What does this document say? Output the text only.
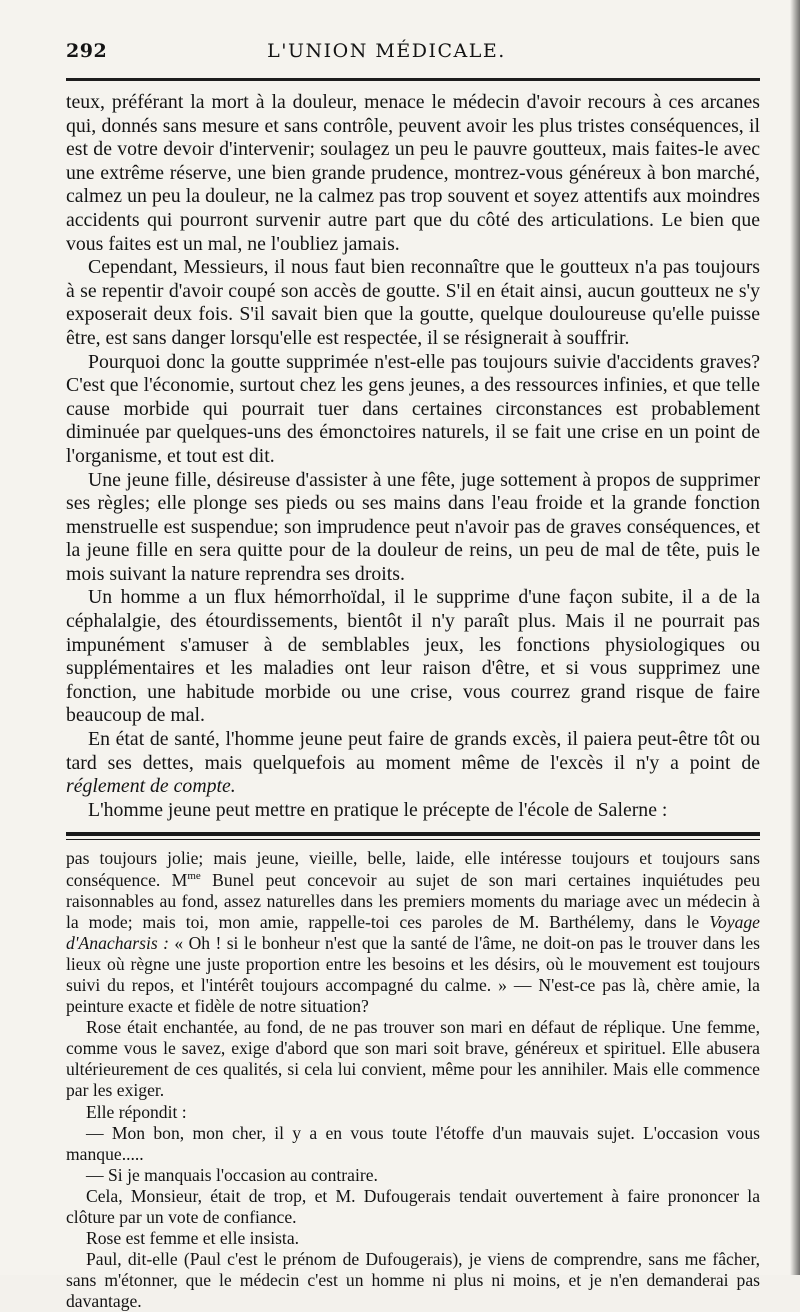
292	L'UNION MÉDICALE.

teux, préférant la mort à la douleur, menace le médecin d'avoir recours à ces arcanes qui, donnés sans mesure et sans contrôle, peuvent avoir les plus tristes conséquences, il est de votre devoir d'intervenir; soulagez un peu le pauvre goutteux, mais faites-le avec une extrême réserve, une bien grande prudence, montrez-vous généreux à bon marché, calmez un peu la douleur, ne la calmez pas trop souvent et soyez attentifs aux moindres accidents qui pourront survenir autre part que du côté des articulations. Le bien que vous faites est un mal, ne l'oubliez jamais.

Cependant, Messieurs, il nous faut bien reconnaître que le goutteux n'a pas toujours à se repentir d'avoir coupé son accès de goutte. S'il en était ainsi, aucun goutteux ne s'y exposerait deux fois. S'il savait bien que la goutte, quelque douloureuse qu'elle puisse être, est sans danger lorsqu'elle est respectée, il se résignerait à souffrir.

Pourquoi donc la goutte supprimée n'est-elle pas toujours suivie d'accidents graves? C'est que l'économie, surtout chez les gens jeunes, a des ressources infinies, et que telle cause morbide qui pourrait tuer dans certaines circonstances est probablement diminuée par quelques-uns des émonctoires naturels, il se fait une crise en un point de l'organisme, et tout est dit.

Une jeune fille, désireuse d'assister à une fête, juge sottement à propos de supprimer ses règles; elle plonge ses pieds ou ses mains dans l'eau froide et la grande fonction menstruelle est suspendue; son imprudence peut n'avoir pas de graves conséquences, et la jeune fille en sera quitte pour de la douleur de reins, un peu de mal de tête, puis le mois suivant la nature reprendra ses droits.

Un homme a un flux hémorrhoïdal, il le supprime d'une façon subite, il a de la céphalalgie, des étourdissements, bientôt il n'y paraît plus. Mais il ne pourrait pas impunément s'amuser à de semblables jeux, les fonctions physiologiques ou supplémentaires et les maladies ont leur raison d'être, et si vous supprimez une fonction, une habitude morbide ou une crise, vous courrez grand risque de faire beaucoup de mal.

En état de santé, l'homme jeune peut faire de grands excès, il paiera peut-être tôt ou tard ses dettes, mais quelquefois au moment même de l'excès il n'y a point de réglement de compte.

L'homme jeune peut mettre en pratique le précepte de l'école de Salerne :

pas toujours jolie; mais jeune, vieille, belle, laide, elle intéresse toujours et toujours sans conséquence. $M^{me}$ Bunel peut concevoir au sujet de son mari certaines inquiétudes peu raisonnables au fond, assez naturelles dans les premiers moments du mariage avec un médecin à la mode; mais toi, mon amie, rappelle-toi ces paroles de M. Barthélemy, dans le Voyage d'Anacharsis : « Oh ! si le bonheur n'est que la santé de l'âme, ne doit-on pas le trouver dans les lieux où règne une juste proportion entre les besoins et les désirs, où le mouvement est toujours suivi du repos, et l'intérêt toujours accompagné du calme. » — N'est-ce pas là, chère amie, la peinture exacte et fidèle de notre situation?

Rose était enchantée, au fond, de ne pas trouver son mari en défaut de réplique. Une femme, comme vous le savez, exige d'abord que son mari soit brave, généreux et spirituel. Elle abusera ultérieurement de ces qualités, si cela lui convient, même pour les annihiler. Mais elle commence par les exiger.

Elle répondit :

— Mon bon, mon cher, il y a en vous toute l'étoffe d'un mauvais sujet. L'occasion vous manque.....

— Si je manquais l'occasion au contraire.

Cela, Monsieur, était de trop, et M. Dufougerais tendait ouvertement à faire prononcer la clôture par un vote de confiance.

Rose est femme et elle insista.

Paul, dit-elle (Paul c'est le prénom de Dufougerais), je viens de comprendre, sans me fâcher, sans m'étonner, que le médecin c'est un homme ni plus ni moins, et je n'en demanderai pas davantage.
